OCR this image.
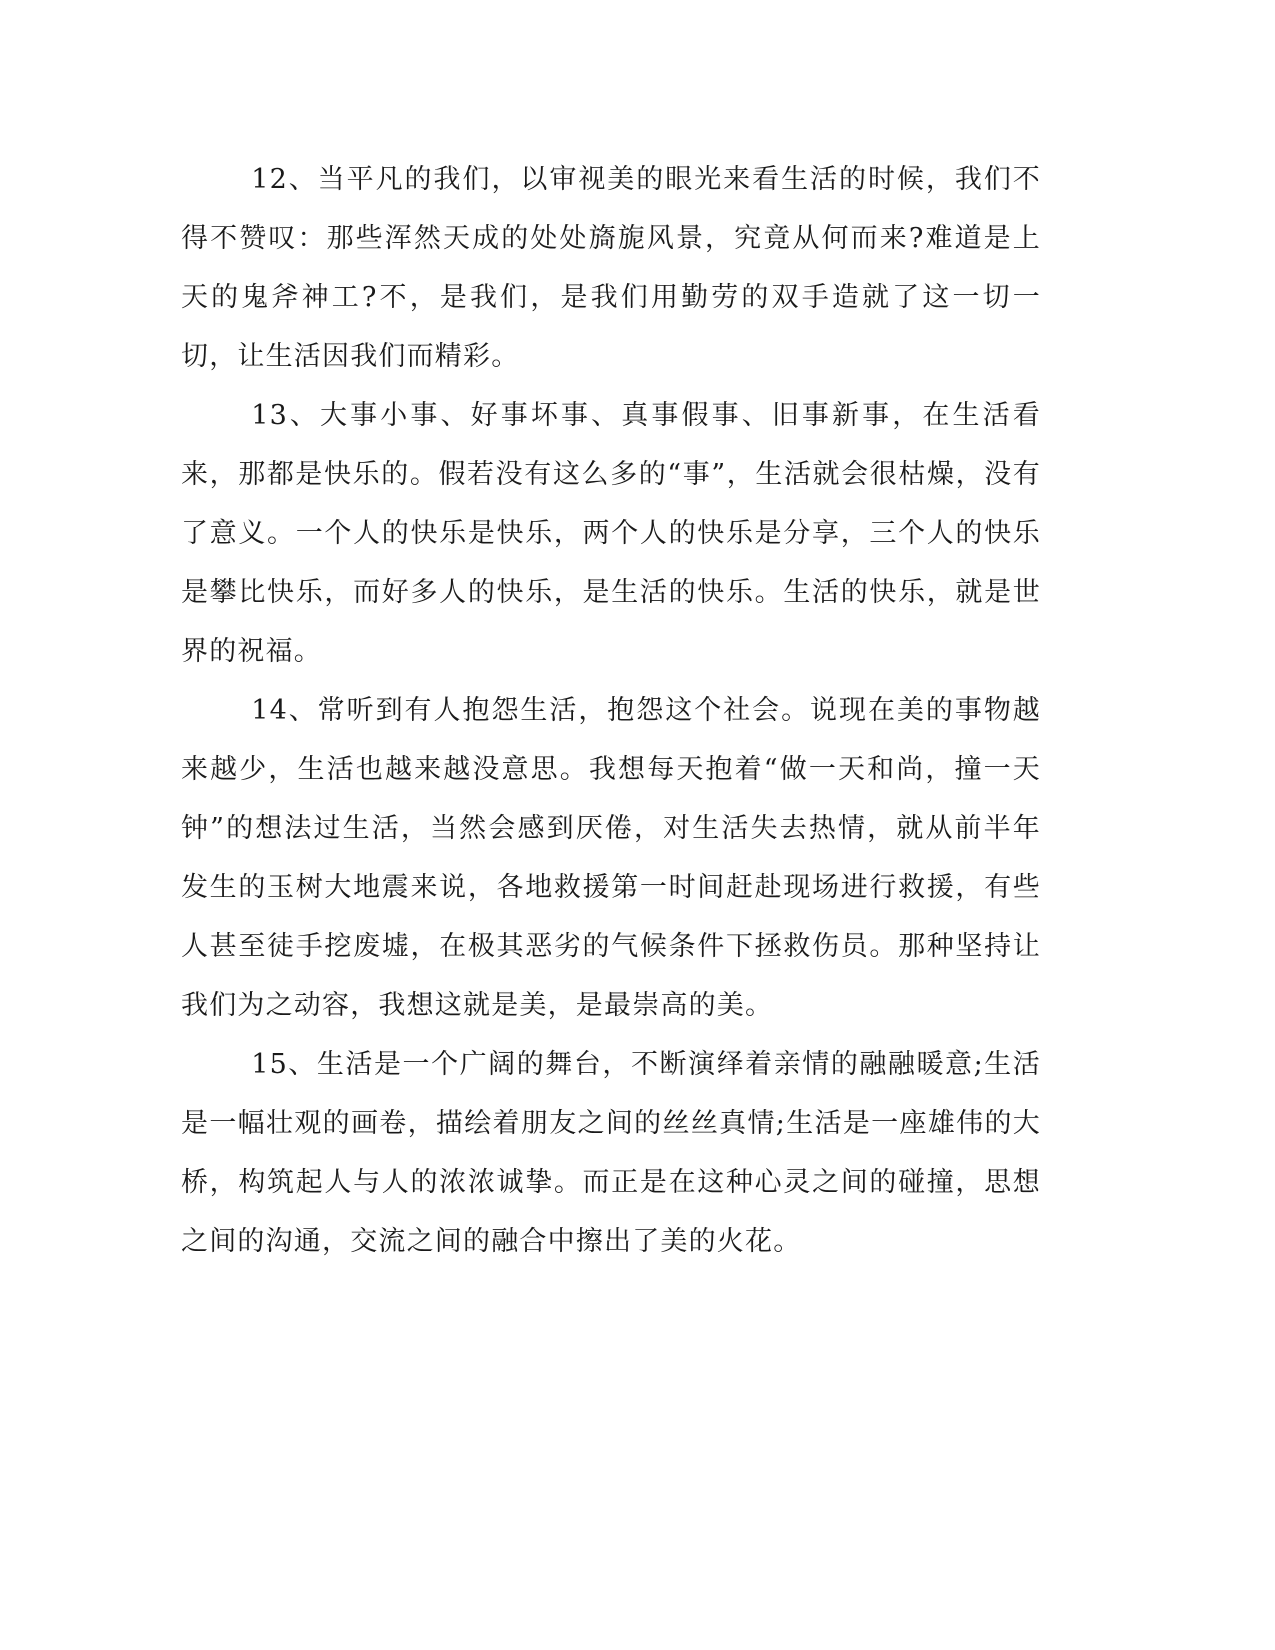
12、当平凡的我们，以审视美的眼光来看生活的时候，我们不得不赞叹：那些浑然天成的处处旖旎风景，究竟从何而来?难道是上天的鬼斧神工?不，是我们，是我们用勤劳的双手造就了这一切一切，让生活因我们而精彩。

13、大事小事、好事坏事、真事假事、旧事新事，在生活看来，那都是快乐的。假若没有这么多的“事”，生活就会很枯燥，没有了意义。一个人的快乐是快乐，两个人的快乐是分享，三个人的快乐是攀比快乐，而好多人的快乐，是生活的快乐。生活的快乐，就是世界的祝福。

14、常听到有人抱怨生活，抱怨这个社会。说现在美的事物越来越少，生活也越来越没意思。我想每天抱着“做一天和尚，撞一天钟”的想法过生活，当然会感到厌倦，对生活失去热情，就从前半年发生的玉树大地震来说，各地救援第一时间赶赴现场进行救援，有些人甚至徒手挖废墟，在极其恶劣的气候条件下拯救伤员。那种坚持让我们为之动容，我想这就是美，是最崇高的美。

15、生活是一个广阔的舞台，不断演绎着亲情的融融暖意;生活是一幅壮观的画卷，描绘着朋友之间的丝丝真情;生活是一座雄伟的大桥，构筑起人与人的浓浓诚挚。而正是在这种心灵之间的碰撞，思想之间的沟通，交流之间的融合中擦出了美的火花。
